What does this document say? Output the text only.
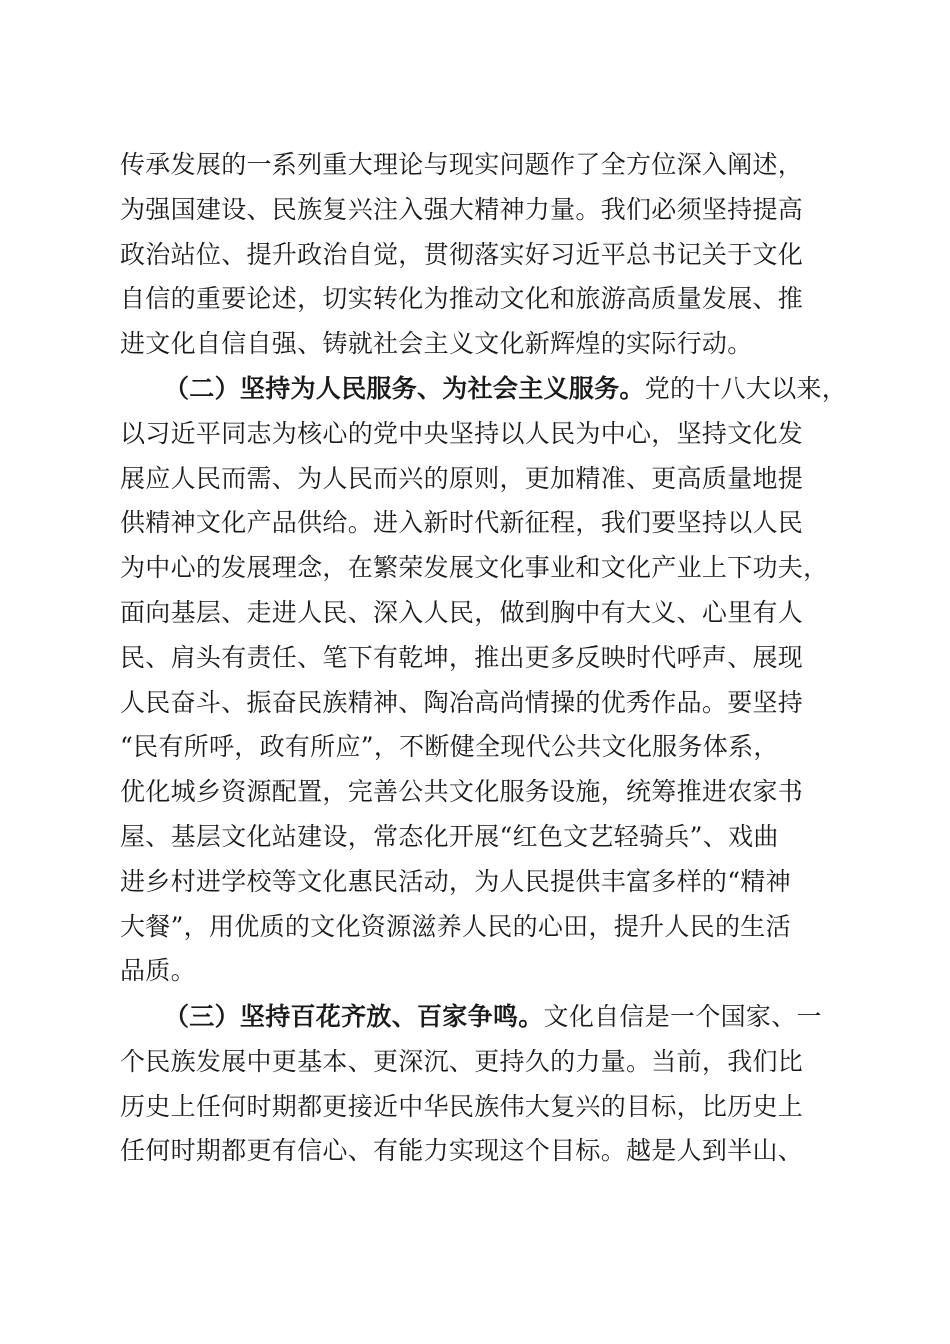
传承发展的一系列重大理论与现实问题作了全方位深入阐述，
为强国建设、民族复兴注入强大精神力量。我们必须坚持提高
政治站位、提升政治自觉，贯彻落实好习近平总书记关于文化
自信的重要论述，切实转化为推动文化和旅游高质量发展、推
进文化自信自强、铸就社会主义文化新辉煌的实际行动。
（二）坚持为人民服务、为社会主义服务。党的十八大以来，
以习近平同志为核心的党中央坚持以人民为中心，坚持文化发
展应人民而需、为人民而兴的原则，更加精准、更高质量地提
供精神文化产品供给。进入新时代新征程，我们要坚持以人民
为中心的发展理念，在繁荣发展文化事业和文化产业上下功夫，
面向基层、走进人民、深入人民，做到胸中有大义、心里有人
民、肩头有责任、笔下有乾坤，推出更多反映时代呼声、展现
人民奋斗、振奋民族精神、陶冶高尚情操的优秀作品。要坚持
“民有所呼，政有所应”，不断健全现代公共文化服务体系，
优化城乡资源配置，完善公共文化服务设施，统筹推进农家书
屋、基层文化站建设，常态化开展“红色文艺轻骑兵”、戏曲
进乡村进学校等文化惠民活动，为人民提供丰富多样的“精神
大餐”，用优质的文化资源滋养人民的心田，提升人民的生活
品质。
（三）坚持百花齐放、百家争鸣。文化自信是一个国家、一
个民族发展中更基本、更深沉、更持久的力量。当前，我们比
历史上任何时期都更接近中华民族伟大复兴的目标，比历史上
任何时期都更有信心、有能力实现这个目标。越是人到半山、
